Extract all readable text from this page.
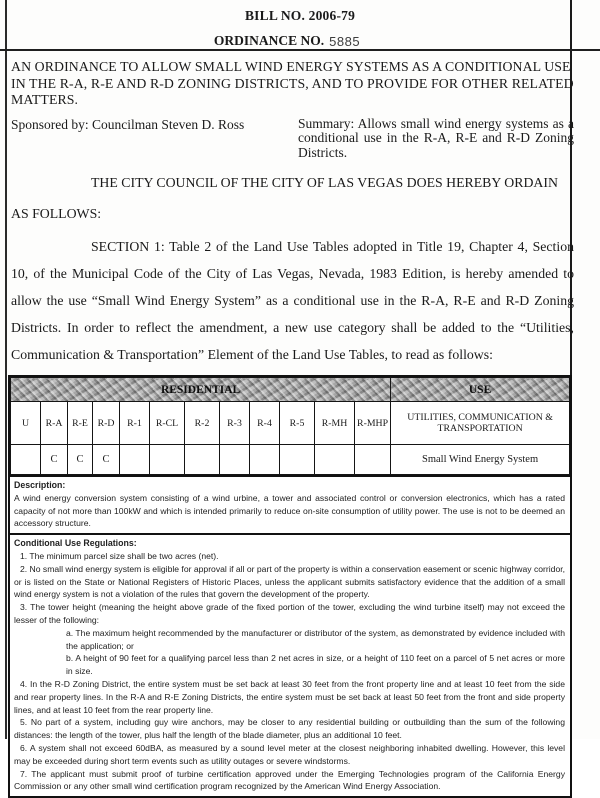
BILL NO. 2006-79
ORDINANCE NO. 5885

AN ORDINANCE TO ALLOW SMALL WIND ENERGY SYSTEMS AS A CONDITIONAL USE IN THE R-A, R-E AND R-D ZONING DISTRICTS, AND TO PROVIDE FOR OTHER RELATED MATTERS.

Sponsored by: Councilman Steven D. Ross	Summary: Allows small wind energy systems as a conditional use in the R-A, R-E and R-D Zoning Districts.

THE CITY COUNCIL OF THE CITY OF LAS VEGAS DOES HEREBY ORDAIN

AS FOLLOWS:

SECTION 1: Table 2 of the Land Use Tables adopted in Title 19, Chapter 4, Section 10, of the Municipal Code of the City of Las Vegas, Nevada, 1983 Edition, is hereby amended to allow the use “Small Wind Energy System” as a conditional use in the R-A, R-E and R-D Zoning Districts. In order to reflect the amendment, a new use category shall be added to the “Utilities, Communication & Transportation” Element of the Land Use Tables, to read as follows:

RESIDENTIAL												USE
U	R-A	R-E	R-D	R-1	R-CL	R-2	R-3	R-4	R-5	R-MH	R-MHP	UTILITIES, COMMUNICATION & TRANSPORTATION
	C	C	C									Small Wind Energy System

Description:

A wind energy conversion system consisting of a wind urbine, a tower and associated control or conversion electronics, which has a rated capacity of not more than 100kW and which is intended primarily to reduce on-site consumption of utility power. The use is not to be deemed an accessory structure.

Conditional Use Regulations:

1. The minimum parcel size shall be two acres (net).

2. No small wind energy system is eligible for approval if all or part of the property is within a conservation easement or scenic highway corridor, or is listed on the State or National Registers of Historic Places, unless the applicant submits satisfactory evidence that the addition of a small wind energy system is not a violation of the rules that govern the development of the property.

3. The tower height (meaning the height above grade of the fixed portion of the tower, excluding the wind turbine itself) may not exceed the lesser of the following:

a. The maximum height recommended by the manufacturer or distributor of the system, as demonstrated by evidence included with the application; or

b. A height of 90 feet for a qualifying parcel less than 2 net acres in size, or a height of 110 feet on a parcel of 5 net acres or more in size.

4. In the R-D Zoning District, the entire system must be set back at least 30 feet from the front property line and at least 10 feet from the side and rear property lines. In the R-A and R-E Zoning Districts, the entire system must be set back at least 50 feet from the front and side property lines, and at least 10 feet from the rear property line.

5. No part of a system, including guy wire anchors, may be closer to any residential building or outbuilding than the sum of the following distances: the length of the tower, plus half the length of the blade diameter, plus an additional 10 feet.

6. A system shall not exceed 60dBA, as measured by a sound level meter at the closest neighboring inhabited dwelling. However, this level may be exceeded during short term events such as utility outages or severe windstorms.

7. The applicant must submit proof of turbine certification approved under the Emerging Technologies program of the California Energy Commission or any other small wind certification program recognized by the American Wind Energy Association.
